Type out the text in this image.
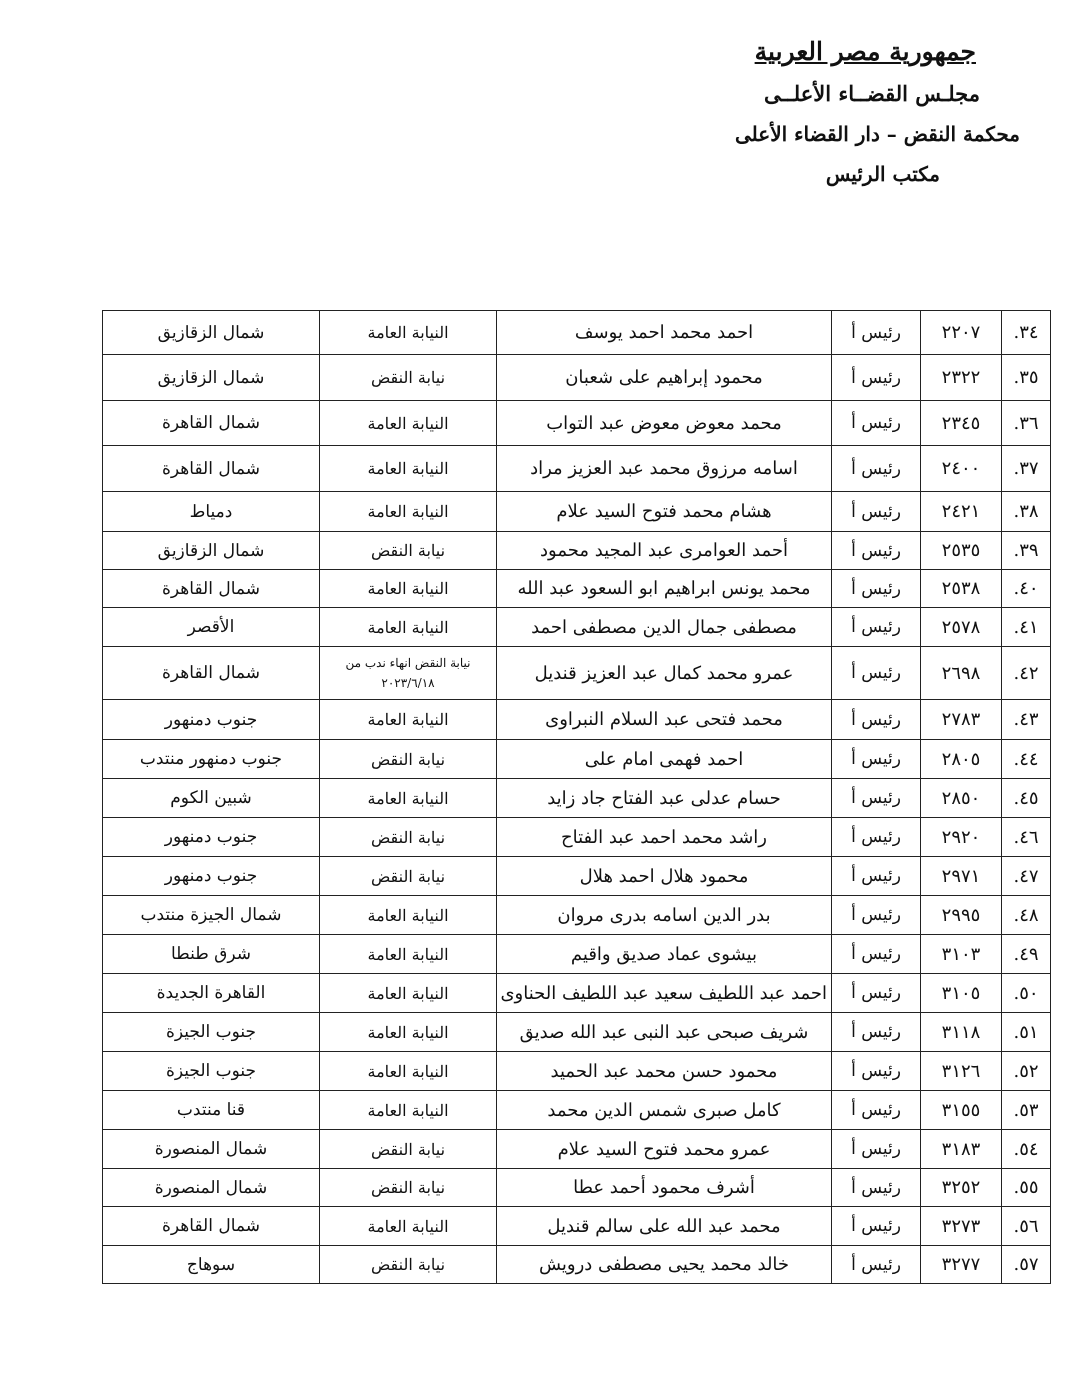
جمهورية مصر العربية
مجلـس القضــاء الأعلــى
محكمة النقض – دار القضاء الأعلى
مكتب الرئيس
٣٤.	٢٢٠٧	رئيس أ	احمد محمد احمد يوسف	النيابة العامة	شمال الزقازيق
٣٥.	٢٣٢٢	رئيس أ	محمود إبراهيم على شعبان	نيابة النقض	شمال الزقازيق
٣٦.	٢٣٤٥	رئيس أ	محمد معوض معوض عبد التواب	النيابة العامة	شمال القاهرة
٣٧.	٢٤٠٠	رئيس أ	اسامه مرزوق محمد عبد العزيز مراد	النيابة العامة	شمال القاهرة
٣٨.	٢٤٢١	رئيس أ	هشام محمد فتوح السيد علام	النيابة العامة	دمياط
٣٩.	٢٥٣٥	رئيس أ	أحمد العوامرى عبد المجيد محمود	نيابة النقض	شمال الزقازيق
٤٠.	٢٥٣٨	رئيس أ	محمد يونس ابراهيم ابو السعود عبد الله	النيابة العامة	شمال القاهرة
٤١.	٢٥٧٨	رئيس أ	مصطفى جمال الدين مصطفى احمد	النيابة العامة	الأقصر
٤٢.	٢٦٩٨	رئيس أ	عمرو محمد كمال عبد العزيز قنديل	نيابة النقض انهاء ندب من ٢٠٢٣/٦/١٨	شمال القاهرة
٤٣.	٢٧٨٣	رئيس أ	محمد فتحى عبد السلام النبراوى	النيابة العامة	جنوب دمنهور
٤٤.	٢٨٠٥	رئيس أ	احمد فهمى امام على	نيابة النقض	جنوب دمنهور منتدب
٤٥.	٢٨٥٠	رئيس أ	حسام عدلى عبد الفتاح جاد زايد	النيابة العامة	شبين الكوم
٤٦.	٢٩٢٠	رئيس أ	راشد محمد احمد عبد الفتاح	نيابة النقض	جنوب دمنهور
٤٧.	٢٩٧١	رئيس أ	محمود هلال احمد هلال	نيابة النقض	جنوب دمنهور
٤٨.	٢٩٩٥	رئيس أ	بدر الدين اسامه بدرى مروان	النيابة العامة	شمال الجيزة منتدب
٤٩.	٣١٠٣	رئيس أ	بيشوى عماد صديق واقيم	النيابة العامة	شرق طنطا
٥٠.	٣١٠٥	رئيس أ	احمد عبد اللطيف سعيد عبد اللطيف الحناوى	النيابة العامة	القاهرة الجديدة
٥١.	٣١١٨	رئيس أ	شريف صبحى عبد النبى عبد الله صديق	النيابة العامة	جنوب الجيزة
٥٢.	٣١٢٦	رئيس أ	محمود حسن محمد عبد الحميد	النيابة العامة	جنوب الجيزة
٥٣.	٣١٥٥	رئيس أ	كامل صبرى شمس الدين محمد	النيابة العامة	قنا منتدب
٥٤.	٣١٨٣	رئيس أ	عمرو محمد فتوح السيد علام	نيابة النقض	شمال المنصورة
٥٥.	٣٢٥٢	رئيس أ	أشرف محمود أحمد عطا	نيابة النقض	شمال المنصورة
٥٦.	٣٢٧٣	رئيس أ	محمد عبد الله على سالم قنديل	النيابة العامة	شمال القاهرة
٥٧.	٣٢٧٧	رئيس أ	خالد محمد يحيى مصطفى درويش	نيابة النقض	سوهاج
